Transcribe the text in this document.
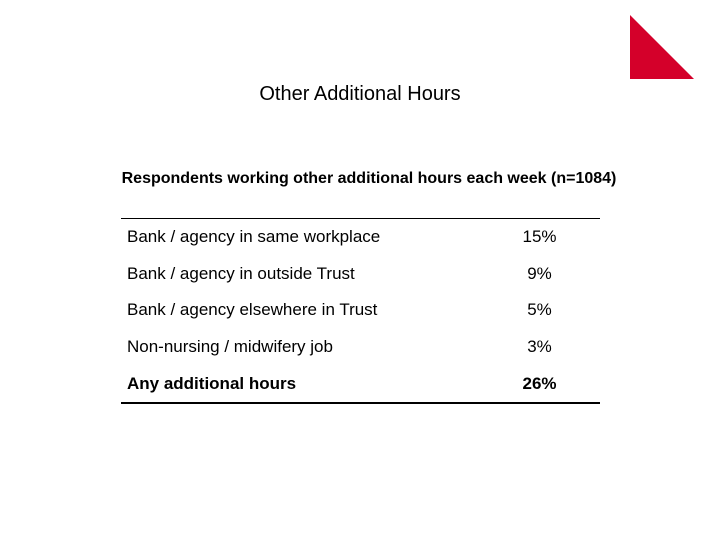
Other Additional Hours
Respondents working other additional hours each week (n=1084)
Bank / agency in same workplace	15%
Bank / agency in outside Trust	9%
Bank / agency elsewhere in Trust	5%
Non-nursing / midwifery job	3%
Any additional hours	26%
